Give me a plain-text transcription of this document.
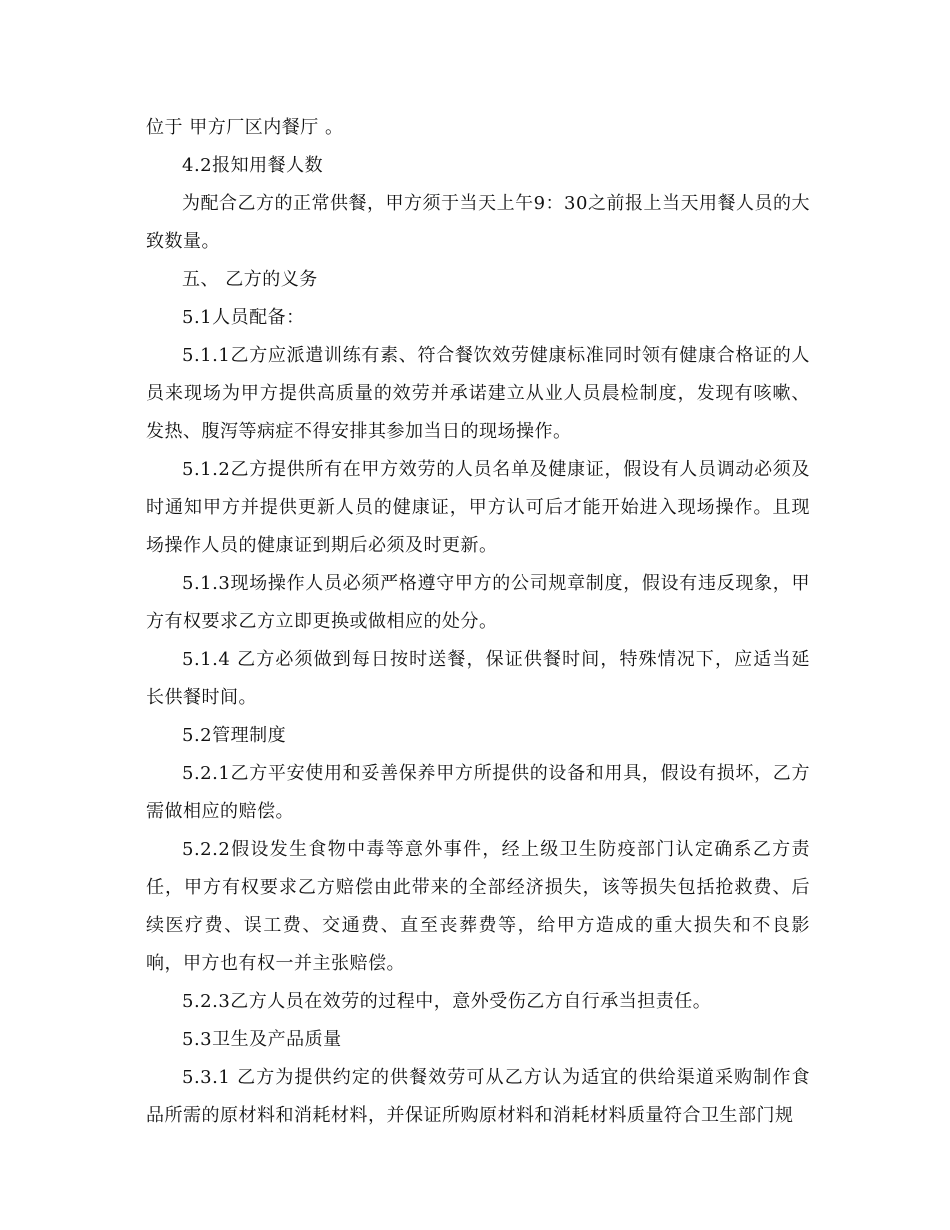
位于 甲方厂区内餐厅 。

4.2报知用餐人数

为配合乙方的正常供餐，甲方须于当天上午9：30之前报上当天用餐人员的大致数量。

五、 乙方的义务

5.1人员配备：

5.1.1乙方应派遣训练有素、符合餐饮效劳健康标准同时领有健康合格证的人员来现场为甲方提供高质量的效劳并承诺建立从业人员晨检制度，发现有咳嗽、发热、腹泻等病症不得安排其参加当日的现场操作。

5.1.2乙方提供所有在甲方效劳的人员名单及健康证，假设有人员调动必须及时通知甲方并提供更新人员的健康证，甲方认可后才能开始进入现场操作。且现场操作人员的健康证到期后必须及时更新。

5.1.3现场操作人员必须严格遵守甲方的公司规章制度，假设有违反现象，甲方有权要求乙方立即更换或做相应的处分。

5.1.4 乙方必须做到每日按时送餐，保证供餐时间，特殊情况下，应适当延长供餐时间。

5.2管理制度

5.2.1乙方平安使用和妥善保养甲方所提供的设备和用具，假设有损坏，乙方需做相应的赔偿。

5.2.2假设发生食物中毒等意外事件，经上级卫生防疫部门认定确系乙方责任，甲方有权要求乙方赔偿由此带来的全部经济损失，该等损失包括抢救费、后续医疗费、误工费、交通费、直至丧葬费等，给甲方造成的重大损失和不良影响，甲方也有权一并主张赔偿。

5.2.3乙方人员在效劳的过程中，意外受伤乙方自行承当担责任。

5.3卫生及产品质量

5.3.1 乙方为提供约定的供餐效劳可从乙方认为适宜的供给渠道采购制作食品所需的原材料和消耗材料，并保证所购原材料和消耗材料质量符合卫生部门规
